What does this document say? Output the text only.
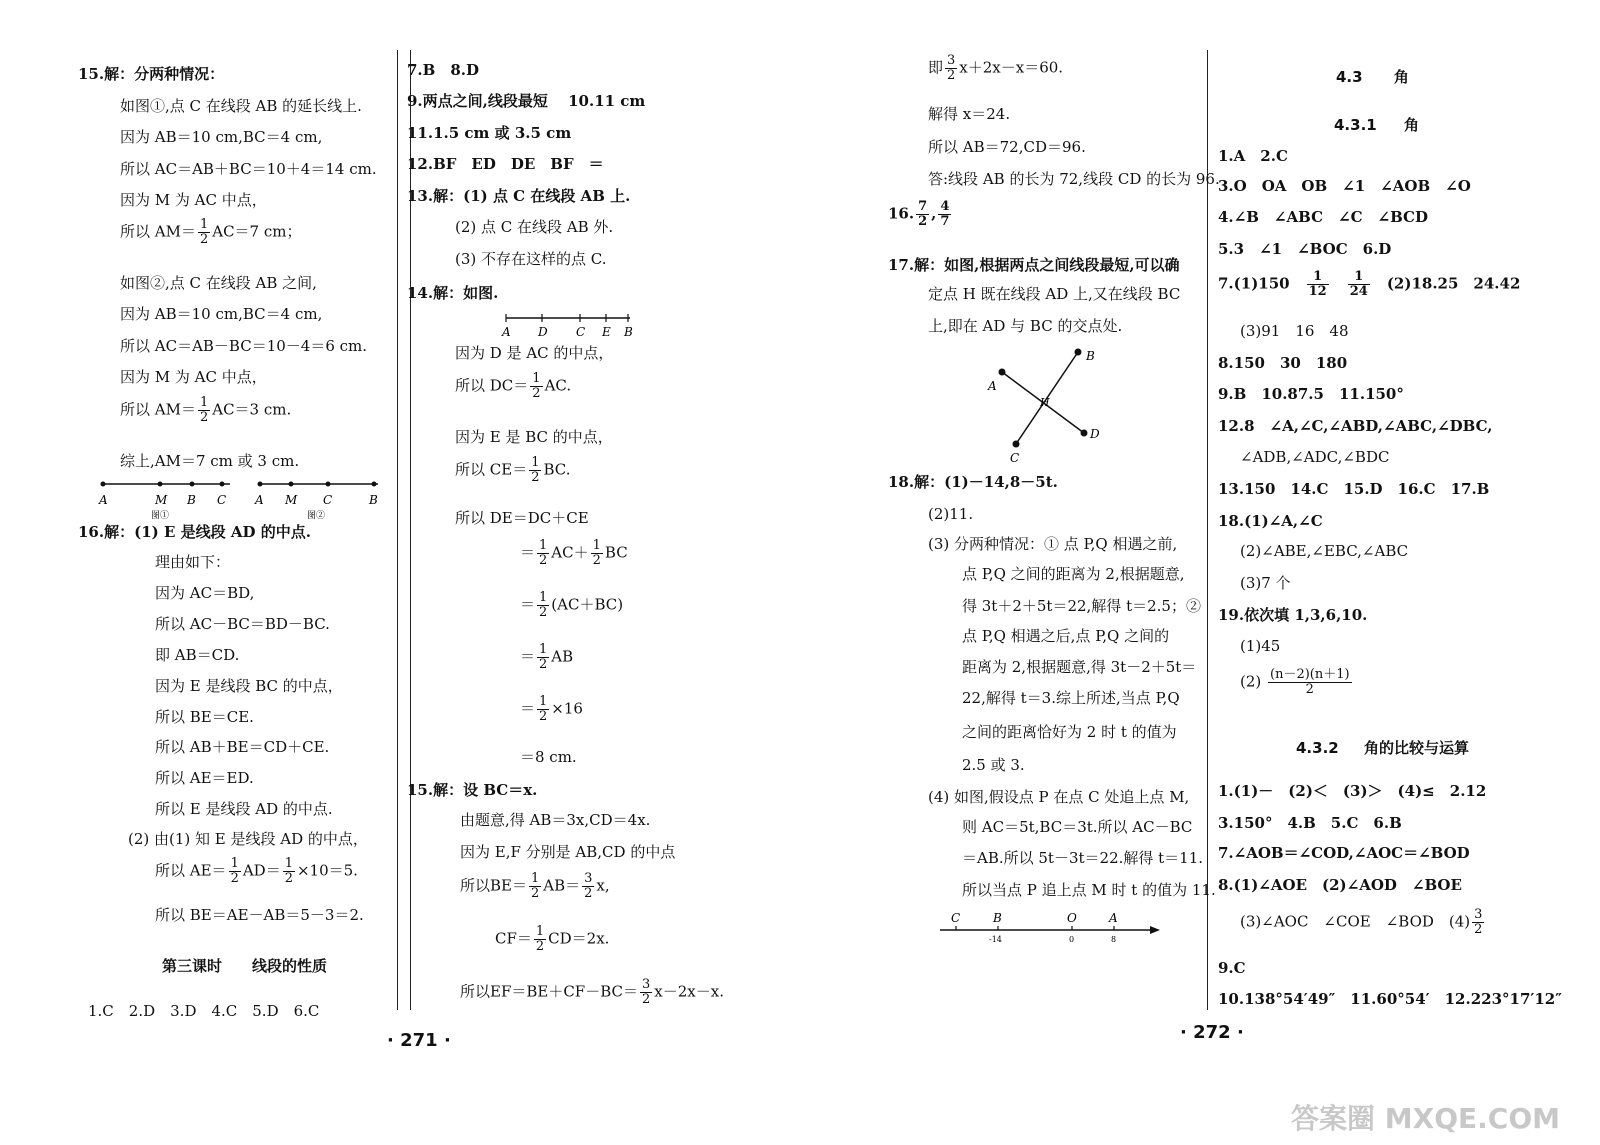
15.解：分两种情况：
如图①,点 C 在线段 AB 的延长线上.
因为 AB＝10 cm,BC＝4 cm,
所以 AC＝AB＋BC＝10＋4＝14 cm.
因为 M 为 AC 中点，
如图②,点 C 在线段 AB 之间,
因为 AB＝10 cm,BC＝4 cm,
所以 AC＝AB－BC＝10－4＝6 cm.
因为 M 为 AC 中点，
综上,AM＝7 cm 或 3 cm.
16.解：(1) E 是线段 AD 的中点.
理由如下：
因为 AC＝BD,
所以 AC－BC＝BD－BC.
即 AB＝CD.
因为 E 是线段 BC 的中点，
所以 BE＝CE.
所以 AB＋BE＝CD＋CE.
所以 AE＝ED.
所以 E 是线段 AD 的中点.
(2) 由(1) 知 E 是线段 AD 的中点，
所以 BE＝AE－AB＝5－3＝2.
1.C　2.D　3.D　4.C　5.D　6.C
所以 $AM= \frac{1}{2} AC=7$ cm；
所以 $AM= \frac{1}{2} AC=3$ cm.
所以 $AE= \frac{1}{2} AD= \frac{1}{2} \times 10=5$.
7.B　8.D
9.两点之间,线段最短　 10.11 cm
11.1.5 cm 或 3.5 cm
12.BF　ED　DE　BF　＝
13.解：(1) 点 C 在线段 AB 上.
(2) 点 C 在线段 AB 外.
(3) 不存在这样的点 C.
14.解：如图.
因为 D 是 AC 的中点，
因为 E 是 BC 的中点，
所以 DE＝DC＋CE
＝8 cm.
15.解：设 BC＝x.
由题意,得 AB＝3x,CD＝4x.
因为 E,F 分别是 AB,CD 的中点
所以 $DC= \frac{1}{2}$ AC.
所以 $CE= \frac{1}{2}$ BC.
＝ $\frac{1}{2} AC+ \frac{1}{2}$ BC
＝ $\frac{1}{2} (AC+BC)$
＝ $\frac{1}{2}$ AB
＝ $\frac{1}{2} \times 16$
所以$BE= \frac{1}{2} AB= \frac{3}{2} x$,
$CF= \frac{1}{2} CD=2x$.
所以$EF=BE+CF-BC= \frac{3}{2} x-2x-x$.
解得 x＝24.
所以 AB＝72,CD＝96.
答:线段 AB 的长为 72,线段 CD 的长为 96.
17.解：如图,根据两点之间线段最短,可以确
定点 H 既在线段 AD 上,又在线段 BC
上,即在 AD 与 BC 的交点处.
18.解：(1)－14,8－5t.
(2)11.
(3) 分两种情况：① 点 P,Q 相遇之前,
点 P,Q 之间的距离为 2,根据题意,
得 3t＋2＋5t＝22,解得 t＝2.5；②
点 P,Q 相遇之后,点 P,Q 之间的
距离为 2,根据题意,得 3t－2＋5t＝
22,解得 t＝3.综上所述,当点 P,Q
之间的距离恰好为 2 时 t 的值为
2.5 或 3.
(4) 如图,假设点 P 在点 C 处追上点 M,
则 AC＝5t,BC＝3t.所以 AC－BC
＝AB.所以 5t－3t＝22.解得 t＝11.
所以当点 P 追上点 M 时 t 的值为 11.
即 $\frac{3}{2} x+2x-x=60$.
16. $\frac{7}{2}$ , $\frac{4}{7}$
1.A　2.C
3.O　OA　OB　∠1　∠AOB　∠O
4.∠B　∠ABC　∠C　∠BCD
5.3　∠1　∠BOC　6.D
(3)91　16　48
8.150　30　180
9.B　10.87.5　11.150°
12.8　∠A,∠C,∠ABD,∠ABC,∠DBC,
∠ADB,∠ADC,∠BDC
13.150　14.C　15.D　16.C　17.B
18.(1)∠A,∠C
(2)∠ABE,∠EBC,∠ABC
(3)7 个
19.依次填 1,3,6,10.
(1)45
1.(1)－　(2)＜　(3)＞　(4)≤　2.12
3.150°　4.B　5.C　6.B
7.∠AOB＝∠COD,∠AOC＝∠BOD
8.(1)∠AOE　(2)∠AOD　∠BOE
9.C
10.138°54′49″　11.60°54′　12.223°17′12″
7.(1)150　 $\frac{1}{12}$
　 $\frac{1}{24}$ 　(2)18.25　24.42
$(2) \frac{(n-2)(n+1)}{2}$
(3)∠AOC　∠COE　∠BOD　$(4) \frac{3}{2}$
第三课时　　线段的性质
4.3 角
4.3.1 角
4.3.2 角的比较与运算
· 271 ·	· 272 ·
A	M B C
图①
A M C	B
图②
A D C E B
A
B
H
C
D
C	B	O	A
-14	0	8
答案圈 MXQE.COM
